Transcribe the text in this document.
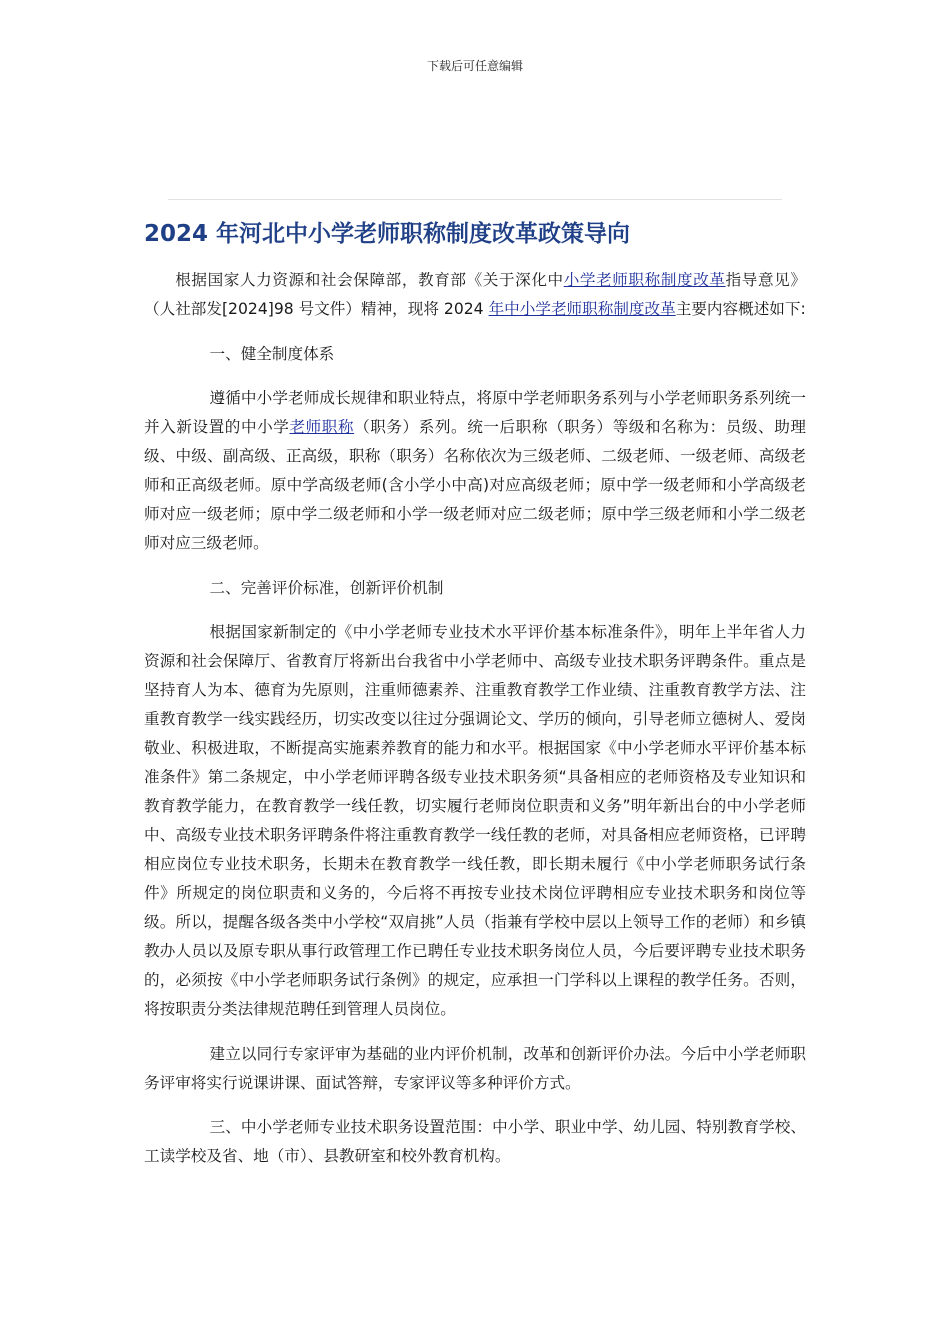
下载后可任意编辑
2024 年河北中小学老师职称制度改革政策导向

根据国家人力资源和社会保障部，教育部《关于深化中小学老师职称制度改革指导意见》（人社部发[2024]98 号文件）精神，现将 2024 年中小学老师职称制度改革主要内容概述如下:

一、健全制度体系

遵循中小学老师成长规律和职业特点，将原中学老师职务系列与小学老师职务系列统一并入新设置的中小学老师职称（职务）系列。统一后职称（职务）等级和名称为：员级、助理级、中级、副高级、正高级，职称（职务）名称依次为三级老师、二级老师、一级老师、高级老师和正高级老师。原中学高级老师(含小学小中高)对应高级老师；原中学一级老师和小学高级老师对应一级老师；原中学二级老师和小学一级老师对应二级老师；原中学三级老师和小学二级老师对应三级老师。

二、完善评价标准，创新评价机制

根据国家新制定的《中小学老师专业技术水平评价基本标准条件》，明年上半年省人力资源和社会保障厅、省教育厅将新出台我省中小学老师中、高级专业技术职务评聘条件。重点是坚持育人为本、德育为先原则，注重师德素养、注重教育教学工作业绩、注重教育教学方法、注重教育教学一线实践经历，切实改变以往过分强调论文、学历的倾向，引导老师立德树人、爱岗敬业、积极进取，不断提高实施素养教育的能力和水平。根据国家《中小学老师水平评价基本标准条件》第二条规定，中小学老师评聘各级专业技术职务须“具备相应的老师资格及专业知识和教育教学能力，在教育教学一线任教，切实履行老师岗位职责和义务”明年新出台的中小学老师中、高级专业技术职务评聘条件将注重教育教学一线任教的老师，对具备相应老师资格，已评聘相应岗位专业技术职务，长期未在教育教学一线任教，即长期未履行《中小学老师职务试行条件》所规定的岗位职责和义务的，今后将不再按专业技术岗位评聘相应专业技术职务和岗位等级。所以，提醒各级各类中小学校“双肩挑”人员（指兼有学校中层以上领导工作的老师）和乡镇教办人员以及原专职从事行政管理工作已聘任专业技术职务岗位人员，今后要评聘专业技术职务的，必须按《中小学老师职务试行条例》的规定，应承担一门学科以上课程的教学任务。否则，将按职责分类法律规范聘任到管理人员岗位。

建立以同行专家评审为基础的业内评价机制，改革和创新评价办法。今后中小学老师职务评审将实行说课讲课、面试答辩，专家评议等多种评价方式。

三、中小学老师专业技术职务设置范围：中小学、职业中学、幼儿园、特别教育学校、工读学校及省、地（市）、县教研室和校外教育机构。
